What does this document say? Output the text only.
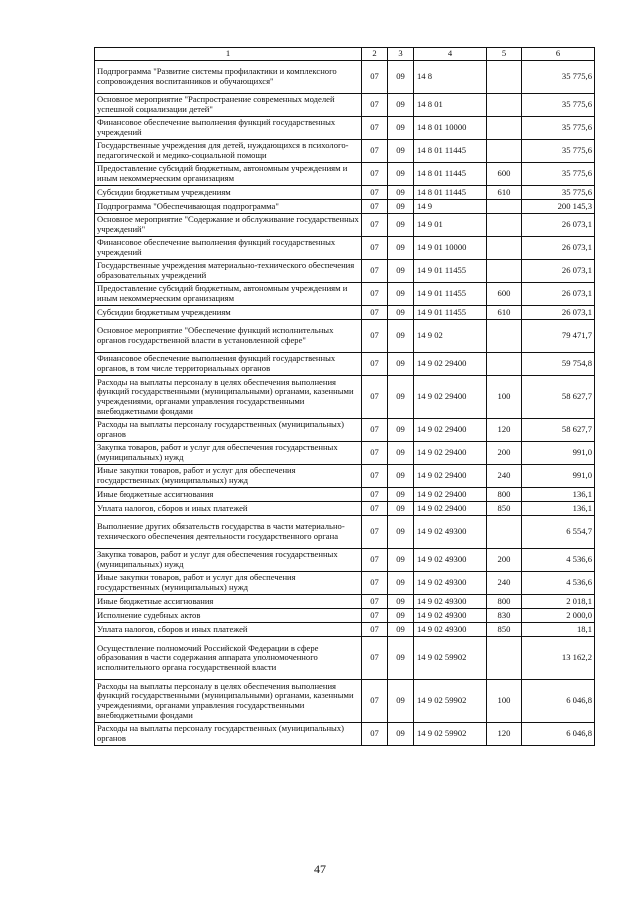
1	2	3	4	5	6
Подпрограмма "Развитие системы профилактики и комплексного сопровождения воспитанников и обучающихся"	07	09	14 8		35 775,6
Основное мероприятие "Распространение современных моделей успешной социализации детей"	07	09	14 8 01		35 775,6
Финансовое обеспечение выполнения функций государственных учреждений	07	09	14 8 01 10000		35 775,6
Государственные учреждения для детей, нуждающихся в психолого-педагогической и медико-социальной помощи	07	09	14 8 01 11445		35 775,6
Предоставление субсидий бюджетным, автономным учреждениям и иным некоммерческим организациям	07	09	14 8 01 11445	600	35 775,6
Субсидии бюджетным учреждениям	07	09	14 8 01 11445	610	35 775,6
Подпрограмма "Обеспечивающая подпрограмма"	07	09	14 9		200 145,3
Основное мероприятие "Содержание и обслуживание государственных учреждений"	07	09	14 9 01		26 073,1
Финансовое обеспечение выполнения функций государственных учреждений	07	09	14 9 01 10000		26 073,1
Государственные учреждения материально-технического обеспечения образовательных учреждений	07	09	14 9 01 11455		26 073,1
Предоставление субсидий бюджетным, автономным учреждениям и иным некоммерческим организациям	07	09	14 9 01 11455	600	26 073,1
Субсидии бюджетным учреждениям	07	09	14 9 01 11455	610	26 073,1
Основное мероприятие "Обеспечение функций исполнительных органов государственной власти в установленной сфере"	07	09	14 9 02		79 471,7
Финансовое обеспечение выполнения функций государственных органов, в том числе территориальных органов	07	09	14 9 02 29400		59 754,8
Расходы на выплаты персоналу в целях обеспечения выполнения функций государственными (муниципальными) органами, казенными учреждениями, органами управления государственными внебюджетными фондами	07	09	14 9 02 29400	100	58 627,7
Расходы на выплаты персоналу государственных (муниципальных) органов	07	09	14 9 02 29400	120	58 627,7
Закупка товаров, работ и услуг для обеспечения государственных (муниципальных) нужд	07	09	14 9 02 29400	200	991,0
Иные закупки товаров, работ и услуг для обеспечения государственных (муниципальных) нужд	07	09	14 9 02 29400	240	991,0
Иные бюджетные ассигнования	07	09	14 9 02 29400	800	136,1
Уплата налогов, сборов и иных платежей	07	09	14 9 02 29400	850	136,1
Выполнение других обязательств государства в части материально-технического обеспечения деятельности государственного органа	07	09	14 9 02 49300		6 554,7
Закупка товаров, работ и услуг для обеспечения государственных (муниципальных) нужд	07	09	14 9 02 49300	200	4 536,6
Иные закупки товаров, работ и услуг для обеспечения государственных (муниципальных) нужд	07	09	14 9 02 49300	240	4 536,6
Иные бюджетные ассигнования	07	09	14 9 02 49300	800	2 018,1
Исполнение судебных актов	07	09	14 9 02 49300	830	2 000,0
Уплата налогов, сборов и иных платежей	07	09	14 9 02 49300	850	18,1
Осуществление полномочий Российской Федерации в сфере образования в части содержания аппарата уполномоченного исполнительного органа государственной власти	07	09	14 9 02 59902		13 162,2
Расходы на выплаты персоналу в целях обеспечения выполнения функций государственными (муниципальными) органами, казенными учреждениями, органами управления государственными внебюджетными фондами	07	09	14 9 02 59902	100	6 046,8
Расходы на выплаты персоналу государственных (муниципальных) органов	07	09	14 9 02 59902	120	6 046,8
47
